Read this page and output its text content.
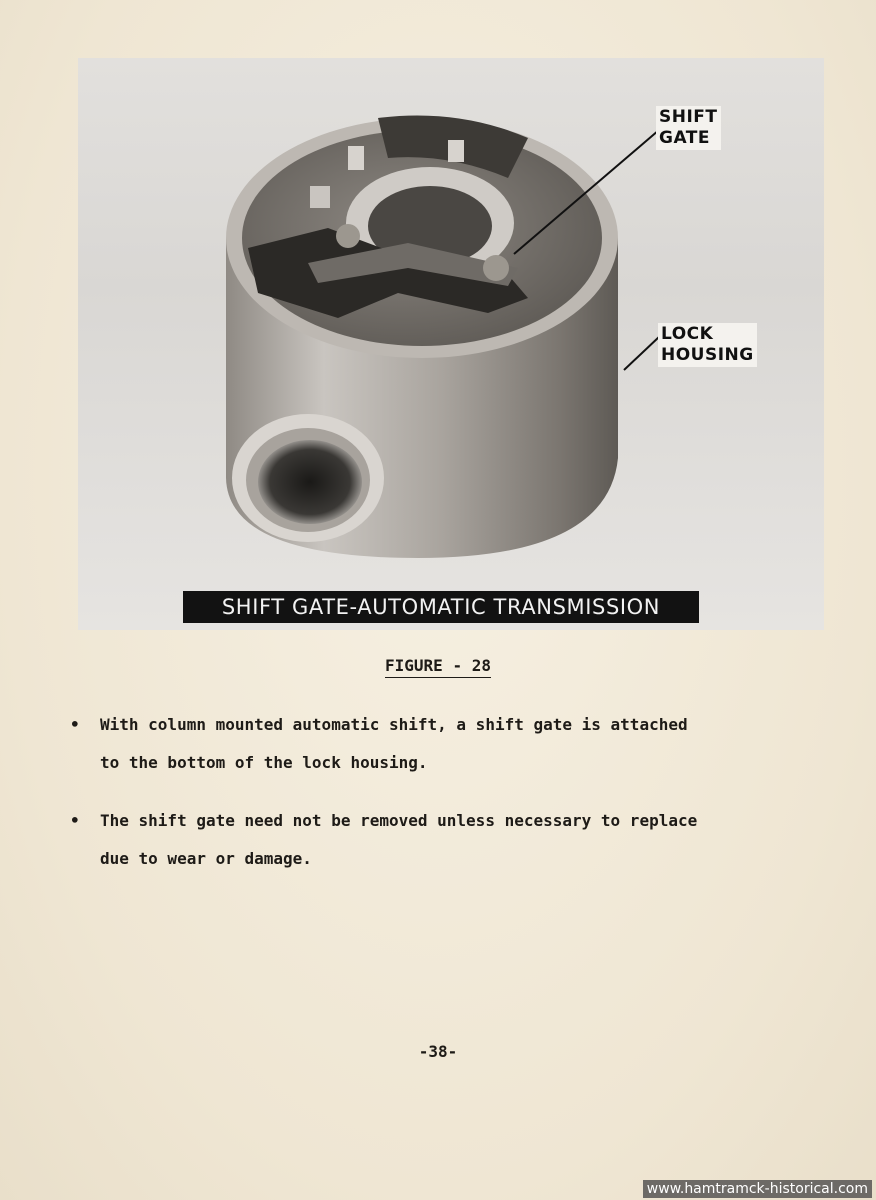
SHIFT
GATE
LOCK
HOUSING
SHIFT GATE-AUTOMATIC TRANSMISSION
FIGURE - 28
• With column mounted automatic shift, a shift gate is attached
to the bottom of the lock housing.
• The shift gate need not be removed unless necessary to replace
due to wear or damage.
-38-
www.hamtramck-historical.com
